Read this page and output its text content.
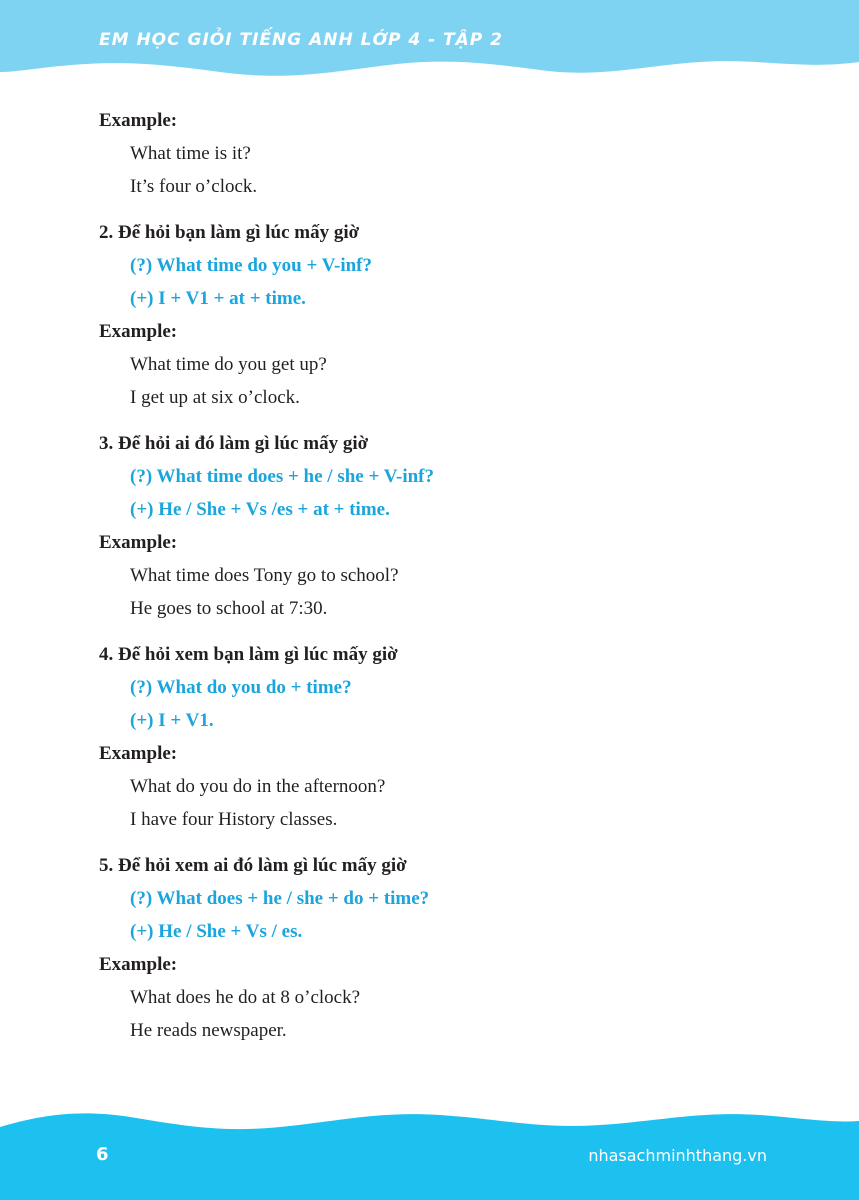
EM HỌC GIỎI TIẾNG ANH LỚP 4 - TẬP 2
Example:
What time is it?
It’s four o’clock.
2. Để hỏi bạn làm gì lúc mấy giờ
(?) What time do you + V-inf?
(+) I + V1 + at + time.
Example:
What time do you get up?
I get up at six o’clock.
3. Để hỏi ai đó làm gì lúc mấy giờ
(?) What time does + he / she + V-inf?
(+) He / She + Vs /es + at + time.
Example:
What time does Tony go to school?
He goes to school at 7:30.
4. Để hỏi xem bạn làm gì lúc mấy giờ
(?) What do you do + time?
(+) I + V1.
Example:
What do you do in the afternoon?
I have four History classes.
5. Để hỏi xem ai đó làm gì lúc mấy giờ
(?) What does + he / she + do + time?
(+) He / She + Vs / es.
Example:
What does he do at 8 o’clock?
He reads newspaper.
6	nhasachminhthang.vn
